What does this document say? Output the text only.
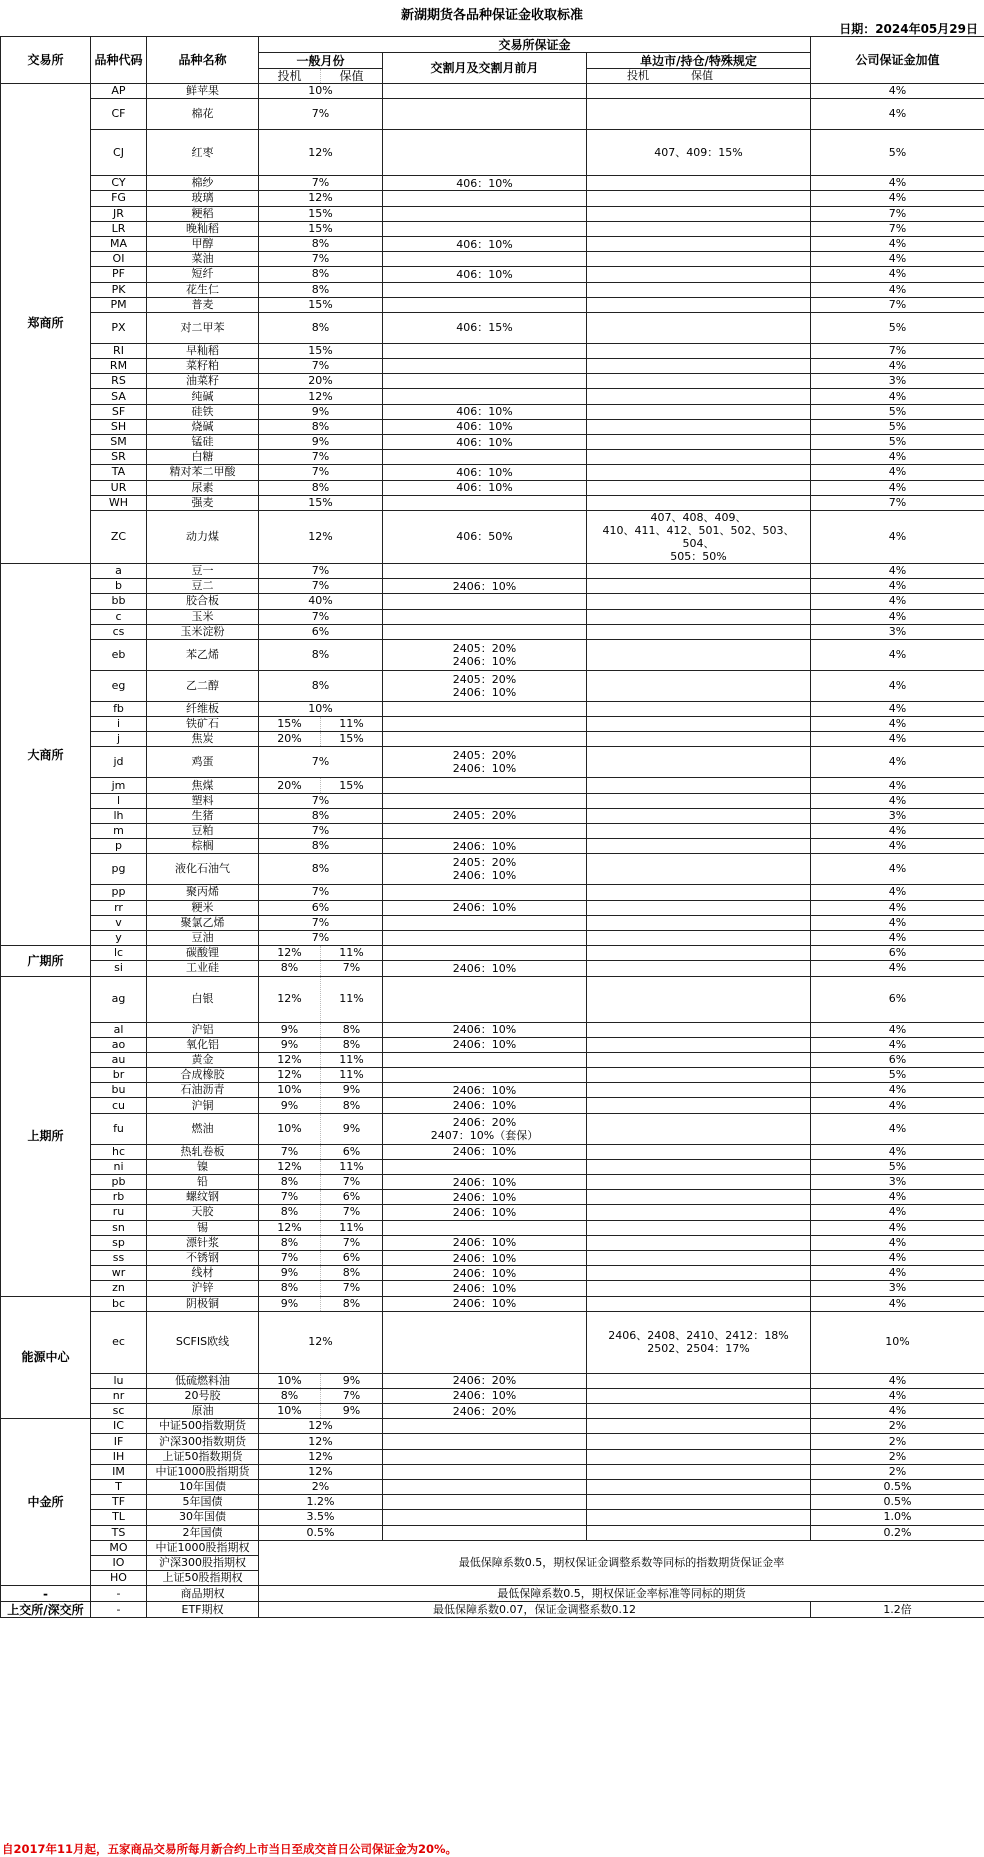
新湖期货各品种保证金收取标准
日期：2024年05月29日
交易所	品种代码	品种名称	交易所保证金				公司保证金加值
			一般月份		交割月及交割月前月	单边市/持仓/特殊规定	
			投机	保值		投机 保值	
郑商所	AP	鲜苹果	10%				4%
	CF	棉花	7%				4%
	CJ	红枣	12%			407、409：15%	5%
	CY	棉纱	7%		406：10%		4%
	FG	玻璃	12%				4%
	JR	粳稻	15%				7%
	LR	晚籼稻	15%				7%
	MA	甲醇	8%		406：10%		4%
	OI	菜油	7%				4%
	PF	短纤	8%		406：10%		4%
	PK	花生仁	8%				4%
	PM	普麦	15%				7%
	PX	对二甲苯	8%		406：15%		5%
	RI	早籼稻	15%				7%
	RM	菜籽粕	7%				4%
	RS	油菜籽	20%				3%
	SA	纯碱	12%				4%
	SF	硅铁	9%		406：10%		5%
	SH	烧碱	8%		406：10%		5%
	SM	锰硅	9%		406：10%		5%
	SR	白糖	7%				4%
	TA	精对苯二甲酸	7%		406：10%		4%
	UR	尿素	8%		406：10%		4%
	WH	强麦	15%				7%
	ZC	动力煤	12%		406：50%	407、408、409、
410、411、412、501、502、503、504、
505：50%	4%
大商所	a	豆一	7%				4%
	b	豆二	7%		2406：10%		4%
	bb	胶合板	40%				4%
	c	玉米	7%				4%
	cs	玉米淀粉	6%				3%
	eb	苯乙烯	8%		2405：20%
2406：10%		4%
	eg	乙二醇	8%		2405：20%
2406：10%		4%
	fb	纤维板	10%				4%
	i	铁矿石	15%	11%			4%
	j	焦炭	20%	15%			4%
	jd	鸡蛋	7%		2405：20%
2406：10%		4%
	jm	焦煤	20%	15%			4%
	l	塑料	7%				4%
	lh	生猪	8%		2405：20%		3%
	m	豆粕	7%				4%
	p	棕榈	8%		2406：10%		4%
	pg	液化石油气	8%		2405：20%
2406：10%		4%
	pp	聚丙烯	7%				4%
	rr	粳米	6%		2406：10%		4%
	v	聚氯乙烯	7%				4%
	y	豆油	7%				4%
广期所	lc	碳酸锂	12%	11%			6%
	si	工业硅	8%	7%	2406：10%		4%
上期所	ag	白银	12%	11%			6%
	al	沪铝	9%	8%	2406：10%		4%
	ao	氧化铝	9%	8%	2406：10%		4%
	au	黄金	12%	11%			6%
	br	合成橡胶	12%	11%			5%
	bu	石油沥青	10%	9%	2406：10%		4%
	cu	沪铜	9%	8%	2406：10%		4%
	fu	燃油	10%	9%	2406：20%
2407：10%（套保）		4%
	hc	热轧卷板	7%	6%	2406：10%		4%
	ni	镍	12%	11%			5%
	pb	铅	8%	7%	2406：10%		3%
	rb	螺纹钢	7%	6%	2406：10%		4%
	ru	天胶	8%	7%	2406：10%		4%
	sn	锡	12%	11%			4%
	sp	漂针浆	8%	7%	2406：10%		4%
	ss	不锈钢	7%	6%	2406：10%		4%
	wr	线材	9%	8%	2406：10%		4%
	zn	沪锌	8%	7%	2406：10%		3%
能源中心	bc	阴极铜	9%	8%	2406：10%		4%
	ec	SCFIS欧线	12%			2406、2408、2410、2412：18%
2502、2504：17%	10%
	lu	低硫燃料油	10%	9%	2406：20%		4%
	nr	20号胶	8%	7%	2406：10%		4%
	sc	原油	10%	9%	2406：20%		4%
中金所	IC	中证500指数期货	12%				2%
	IF	沪深300指数期货	12%				2%
	IH	上证50指数期货	12%				2%
	IM	中证1000股指期货	12%				2%
	T	10年国债	2%				0.5%
	TF	5年国债	1.2%				0.5%
	TL	30年国债	3.5%				1.0%
	TS	2年国债	0.5%				0.2%
	MO	中证1000股指期权	最低保障系数0.5，期权保证金调整系数等同标的指数期货保证金率				
	IO	沪深300股指期权					
	HO	上证50股指期权					
-	-	商品期权	最低保障系数0.5，期权保证金率标准等同标的期货				
上交所/深交所	-	ETF期权	最低保障系数0.07，保证金调整系数0.12				1.2倍
自2017年11月起，五家商品交易所每月新合约上市当日至成交首日公司保证金为20%。
